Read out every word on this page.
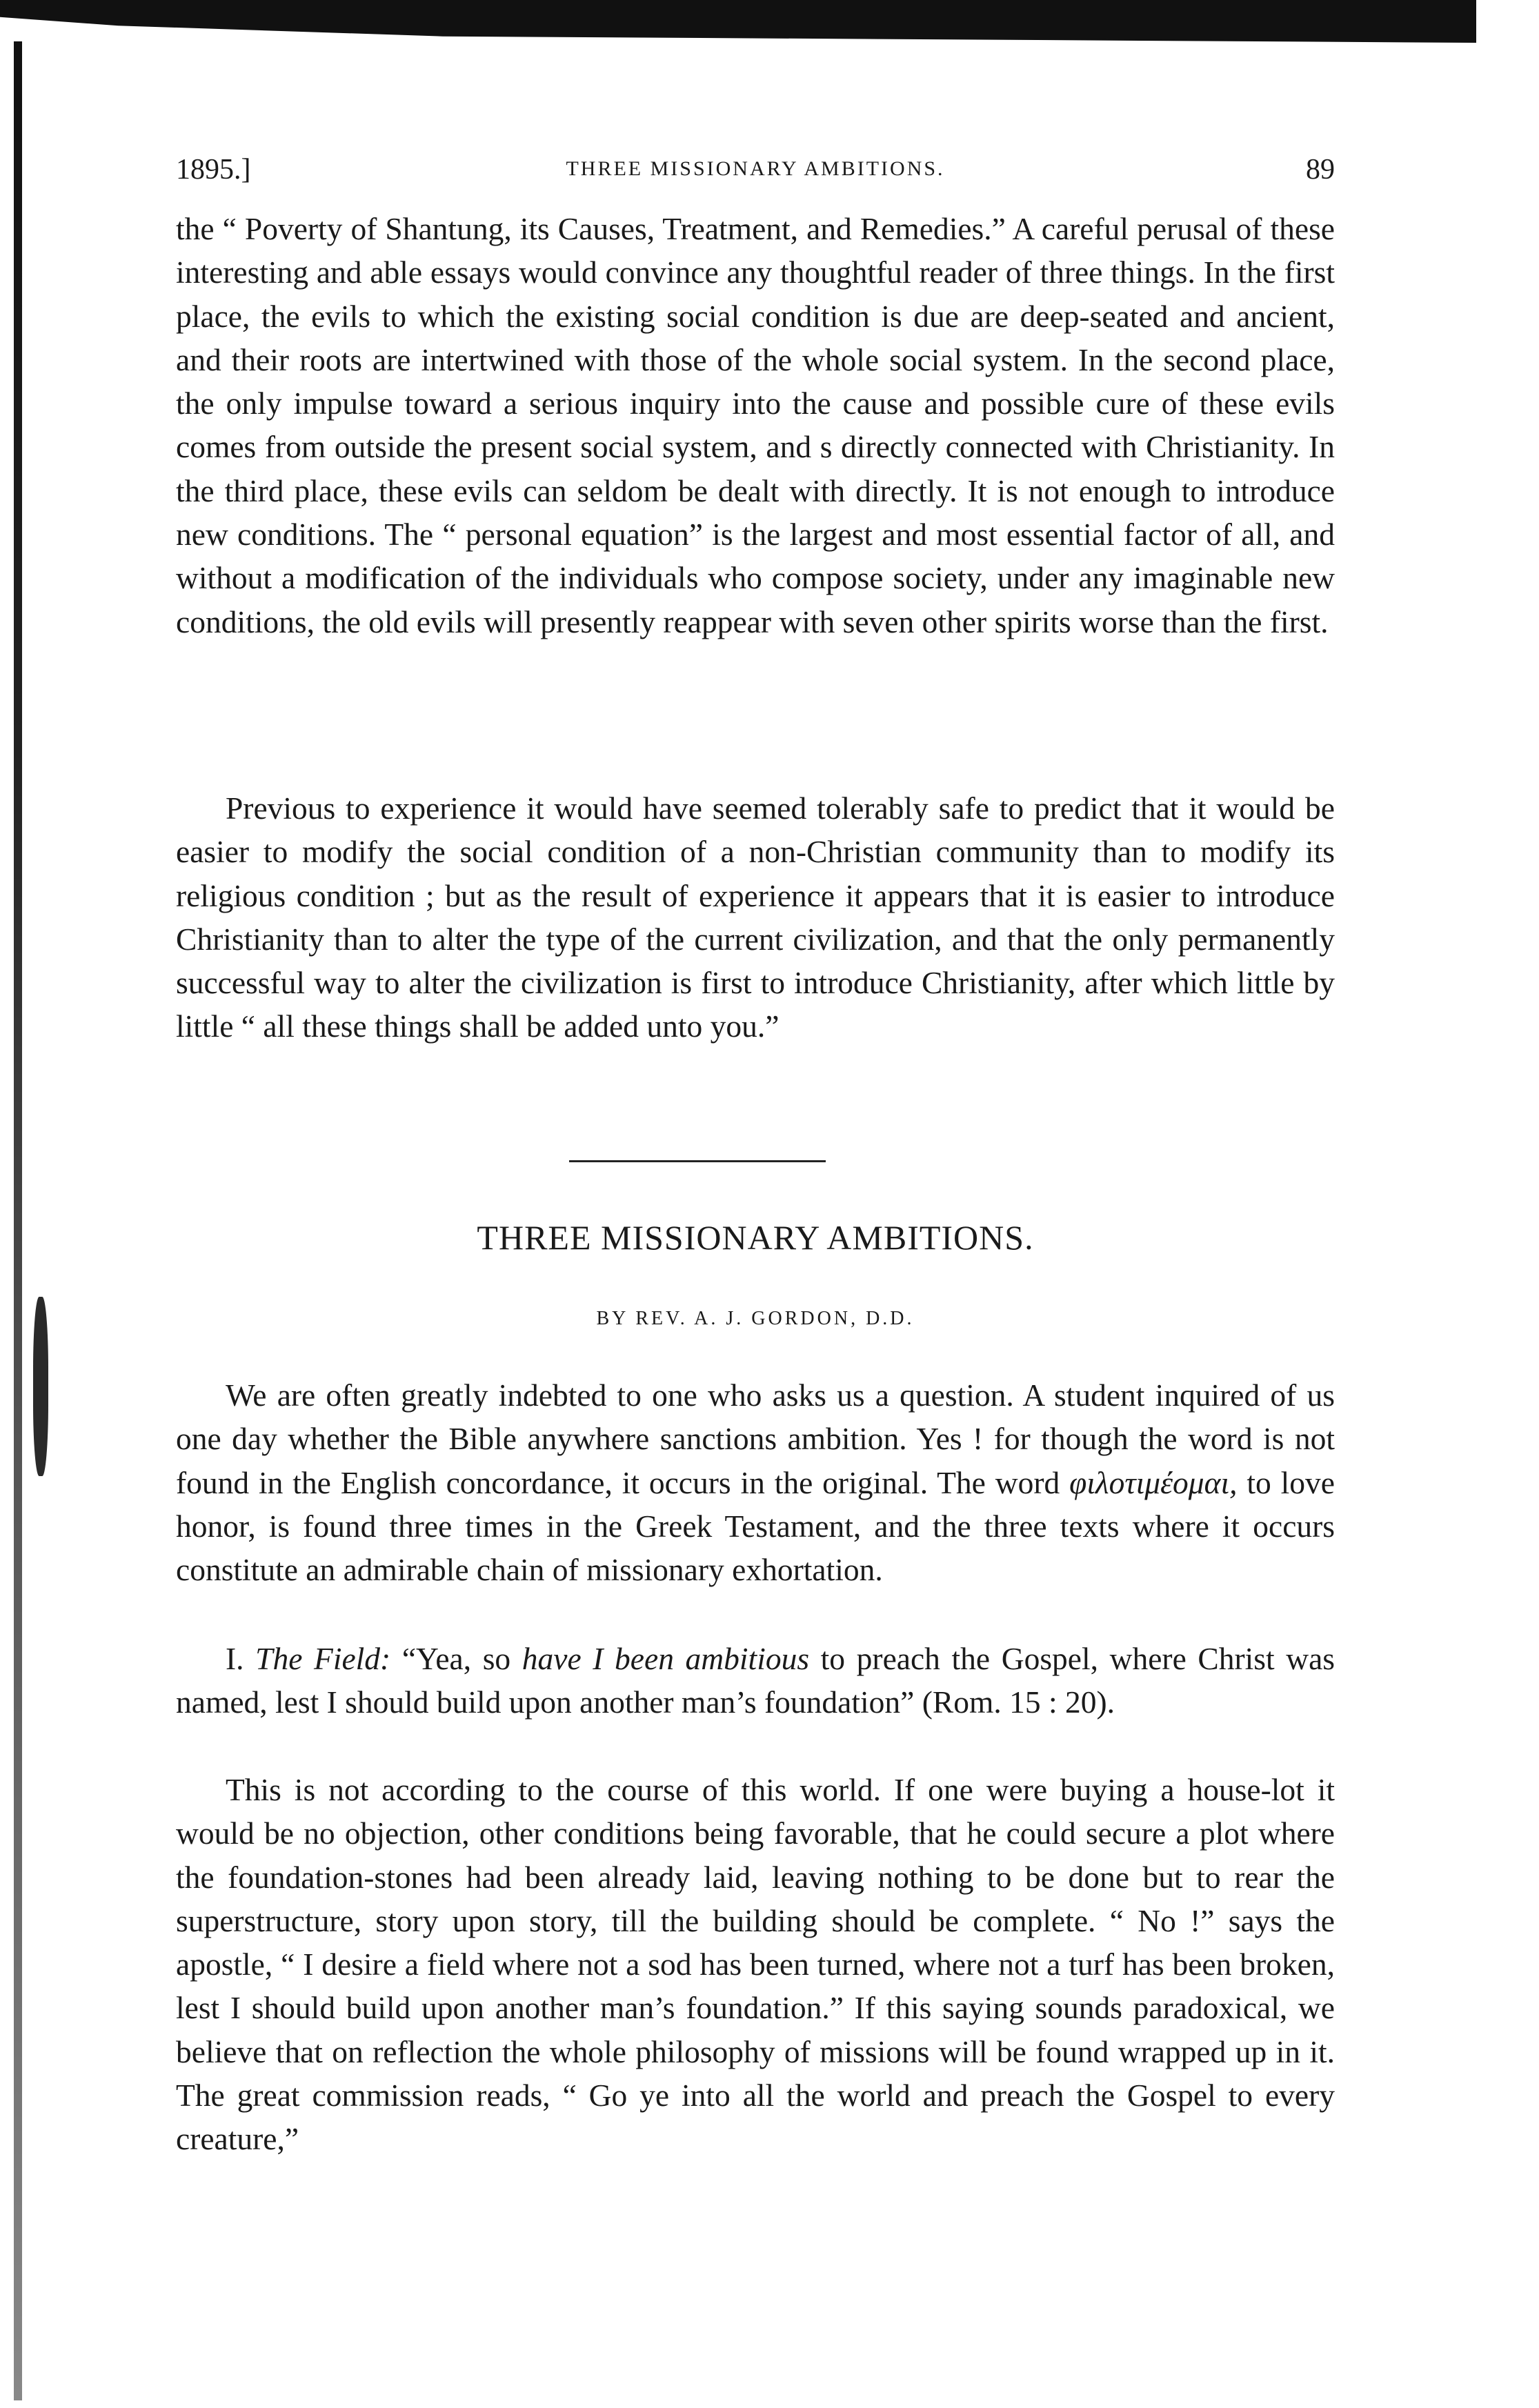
1895.]	THREE MISSIONARY AMBITIONS.	89

the “ Poverty of Shantung, its Causes, Treatment, and Remedies.” A careful perusal of these interesting and able essays would convince any thoughtful reader of three things. In the first place, the evils to which the existing social condition is due are deep-seated and ancient, and their roots are intertwined with those of the whole social system. In the second place, the only impulse toward a serious inquiry into the cause and possible cure of these evils comes from outside the present social system, and s directly connected with Christianity. In the third place, these evils can seldom be dealt with directly. It is not enough to introduce new conditions. The “ personal equation” is the largest and most essential factor of all, and without a modification of the individuals who compose society, under any imaginable new conditions, the old evils will presently reappear with seven other spirits worse than the first.

Previous to experience it would have seemed tolerably safe to predict that it would be easier to modify the social condition of a non-Christian community than to modify its religious condition ; but as the result of experience it appears that it is easier to introduce Christianity than to alter the type of the current civilization, and that the only permanently successful way to alter the civilization is first to introduce Christianity, after which little by little “ all these things shall be added unto you.”

THREE MISSIONARY AMBITIONS.
BY REV. A. J. GORDON, D.D.

We are often greatly indebted to one who asks us a question. A student inquired of us one day whether the Bible anywhere sanctions ambition. Yes ! for though the word is not found in the English concordance, it occurs in the original. The word φιλοτιμέομαι, to love honor, is found three times in the Greek Testament, and the three texts where it occurs constitute an admirable chain of missionary exhortation.

I. The Field: “Yea, so have I been ambitious to preach the Gospel, where Christ was named, lest I should build upon another man’s foundation” (Rom. 15 : 20).

This is not according to the course of this world. If one were buying a house-lot it would be no objection, other conditions being favorable, that he could secure a plot where the foundation-stones had been already laid, leaving nothing to be done but to rear the superstructure, story upon story, till the building should be complete. “ No !” says the apostle, “ I desire a field where not a sod has been turned, where not a turf has been broken, lest I should build upon another man’s foundation.” If this saying sounds paradoxical, we believe that on reflection the whole philosophy of missions will be found wrapped up in it. The great commission reads, “ Go ye into all the world and preach the Gospel to every creature,”
